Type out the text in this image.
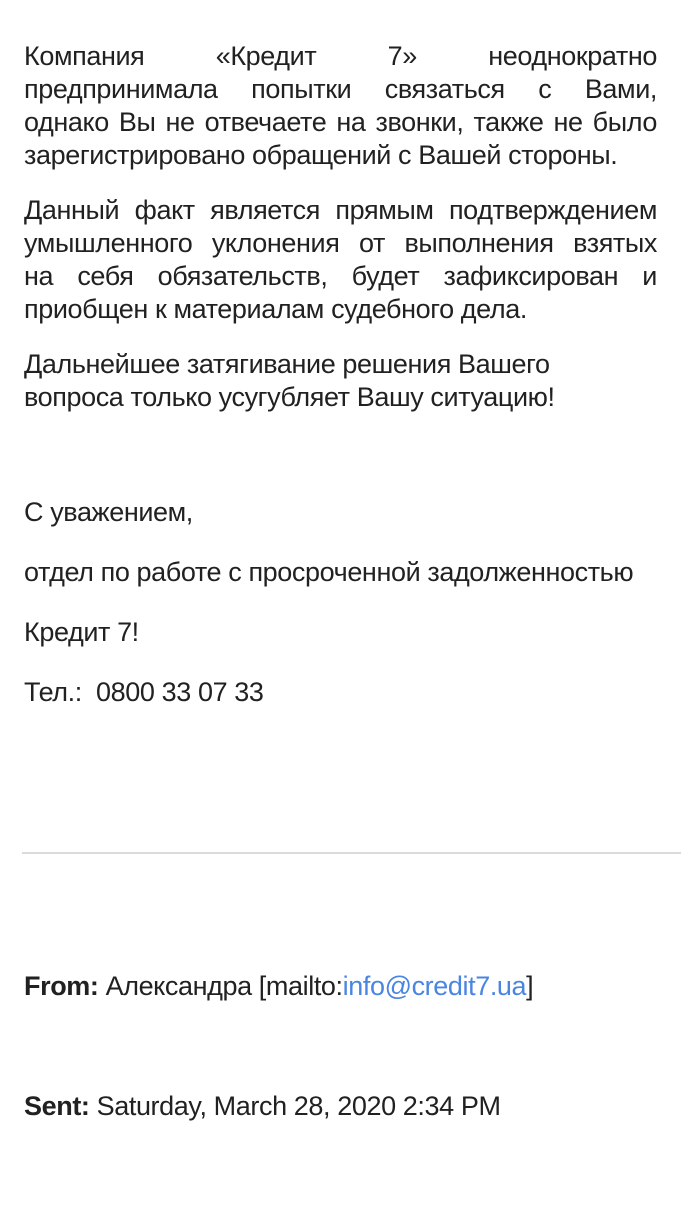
Компания «Кредит 7» неоднократно
предпринимала попытки связаться с Вами,
однако Вы не отвечаете на звонки, также не было
зарегистрировано обращений с Вашей стороны.
Данный факт является прямым подтверждением
умышленного уклонения от выполнения взятых
на себя обязательств, будет зафиксирован и
приобщен к материалам судебного дела.
Дальнейшее затягивание решения Вашего
вопроса только усугубляет Вашу ситуацию!
С уважением,
отдел по работе с просроченной задолженностью
Кредит 7!
Тел.:  0800 33 07 33

From: Александра [mailto:info@credit7.ua]

Sent: Saturday, March 28, 2020 2:34 PM
